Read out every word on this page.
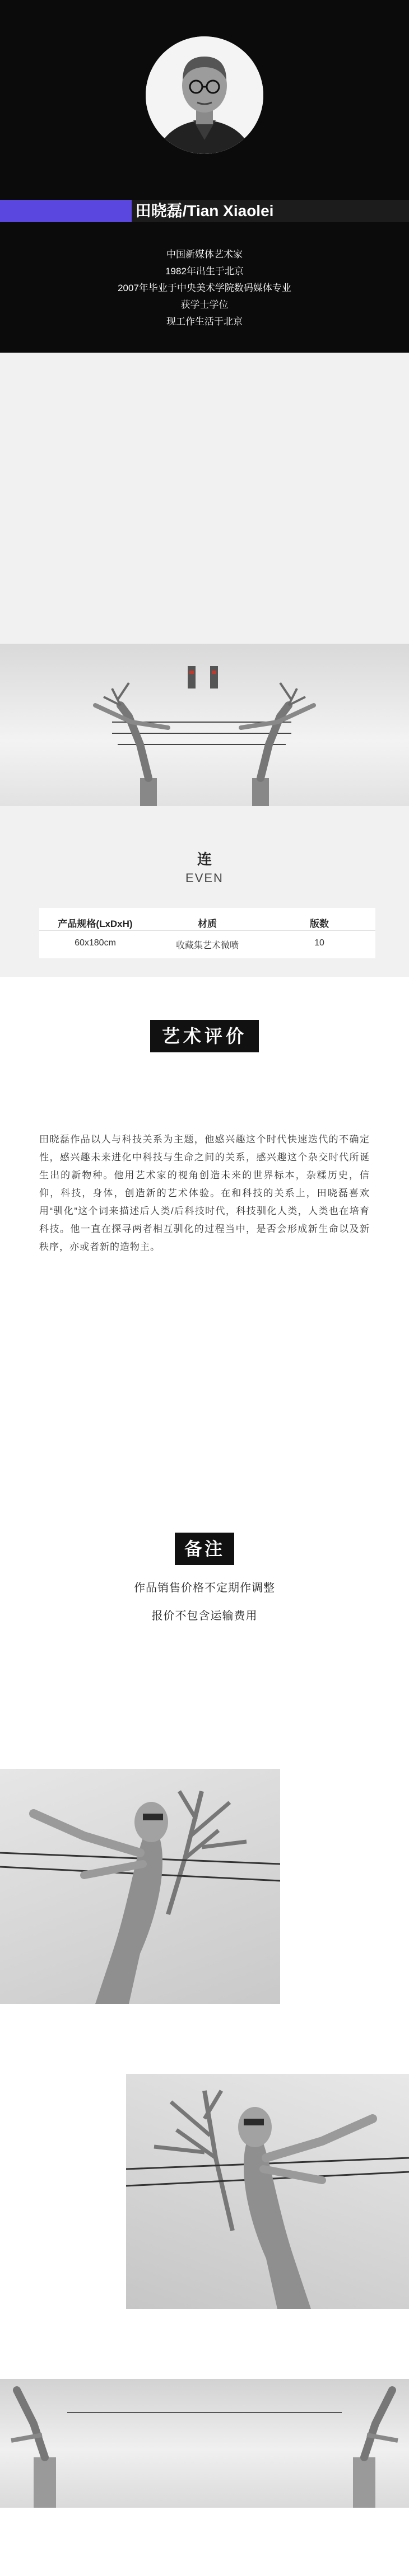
田晓磊/Tian Xiaolei
中国新媒体艺术家
1982年出生于北京
2007年毕业于中央美术学院数码媒体专业
获学士学位
现工作生活于北京
连
EVEN
产品规格(LxDxH)	材质	版数
60x180cm	收藏集艺术微喷	10
艺术评价
田晓磊作品以人与科技关系为主题，他感兴趣这个时代快速迭代的不确定性，感兴趣未来进化中科技与生命之间的关系，感兴趣这个杂交时代所诞生出的新物种。他用艺术家的视角创造未来的世界标本，杂糅历史，信仰，科技，身体，创造新的艺术体验。在和科技的关系上，田晓磊喜欢用“驯化”这个词来描述后人类/后科技时代，科技驯化人类，人类也在培育科技。他一直在探寻两者相互驯化的过程当中，是否会形成新生命以及新秩序，亦或者新的造物主。
备注
作品销售价格不定期作调整
报价不包含运输费用
